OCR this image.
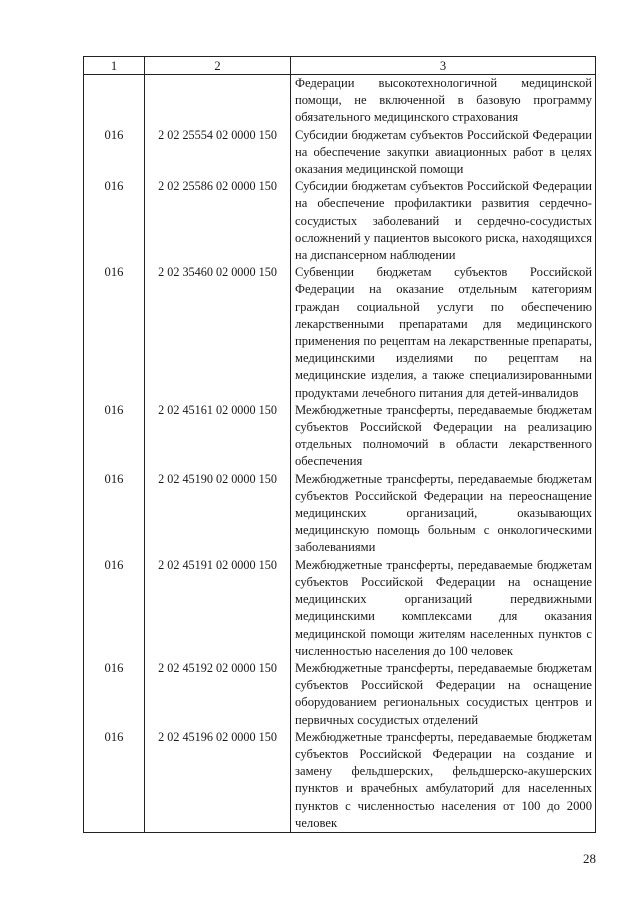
1	2	3
		Федерации высокотехнологичной медицинской помощи, не включенной в базовую программу обязательного медицинского страхования
016	2 02 25554 02 0000 150	Субсидии бюджетам субъектов Российской Федерации на обеспечение закупки авиационных работ в целях оказания медицинской помощи
016	2 02 25586 02 0000 150	Субсидии бюджетам субъектов Российской Федерации на обеспечение профилактики развития сердечно-сосудистых заболеваний и сердечно-сосудистых осложнений у пациентов высокого риска, находящихся на диспансерном наблюдении
016	2 02 35460 02 0000 150	Субвенции бюджетам субъектов Российской Федерации на оказание отдельным категориям граждан социальной услуги по обеспечению лекарственными препаратами для медицинского применения по рецептам на лекарственные препараты, медицинскими изделиями по рецептам на медицинские изделия, а также специализированными продуктами лечебного питания для детей-инвалидов
016	2 02 45161 02 0000 150	Межбюджетные трансферты, передаваемые бюджетам субъектов Российской Федерации на реализацию отдельных полномочий в области лекарственного обеспечения
016	2 02 45190 02 0000 150	Межбюджетные трансферты, передаваемые бюджетам субъектов Российской Федерации на переоснащение медицинских организаций, оказывающих медицинскую помощь больным с онкологическими заболеваниями
016	2 02 45191 02 0000 150	Межбюджетные трансферты, передаваемые бюджетам субъектов Российской Федерации на оснащение медицинских организаций передвижными медицинскими комплексами для оказания медицинской помощи жителям населенных пунктов с численностью населения до 100 человек
016	2 02 45192 02 0000 150	Межбюджетные трансферты, передаваемые бюджетам субъектов Российской Федерации на оснащение оборудованием региональных сосудистых центров и первичных сосудистых отделений
016	2 02 45196 02 0000 150	Межбюджетные трансферты, передаваемые бюджетам субъектов Российской Федерации на создание и замену фельдшерских, фельдшерско-акушерских пунктов и врачебных амбулаторий для населенных пунктов с численностью населения от 100 до 2000 человек
28
